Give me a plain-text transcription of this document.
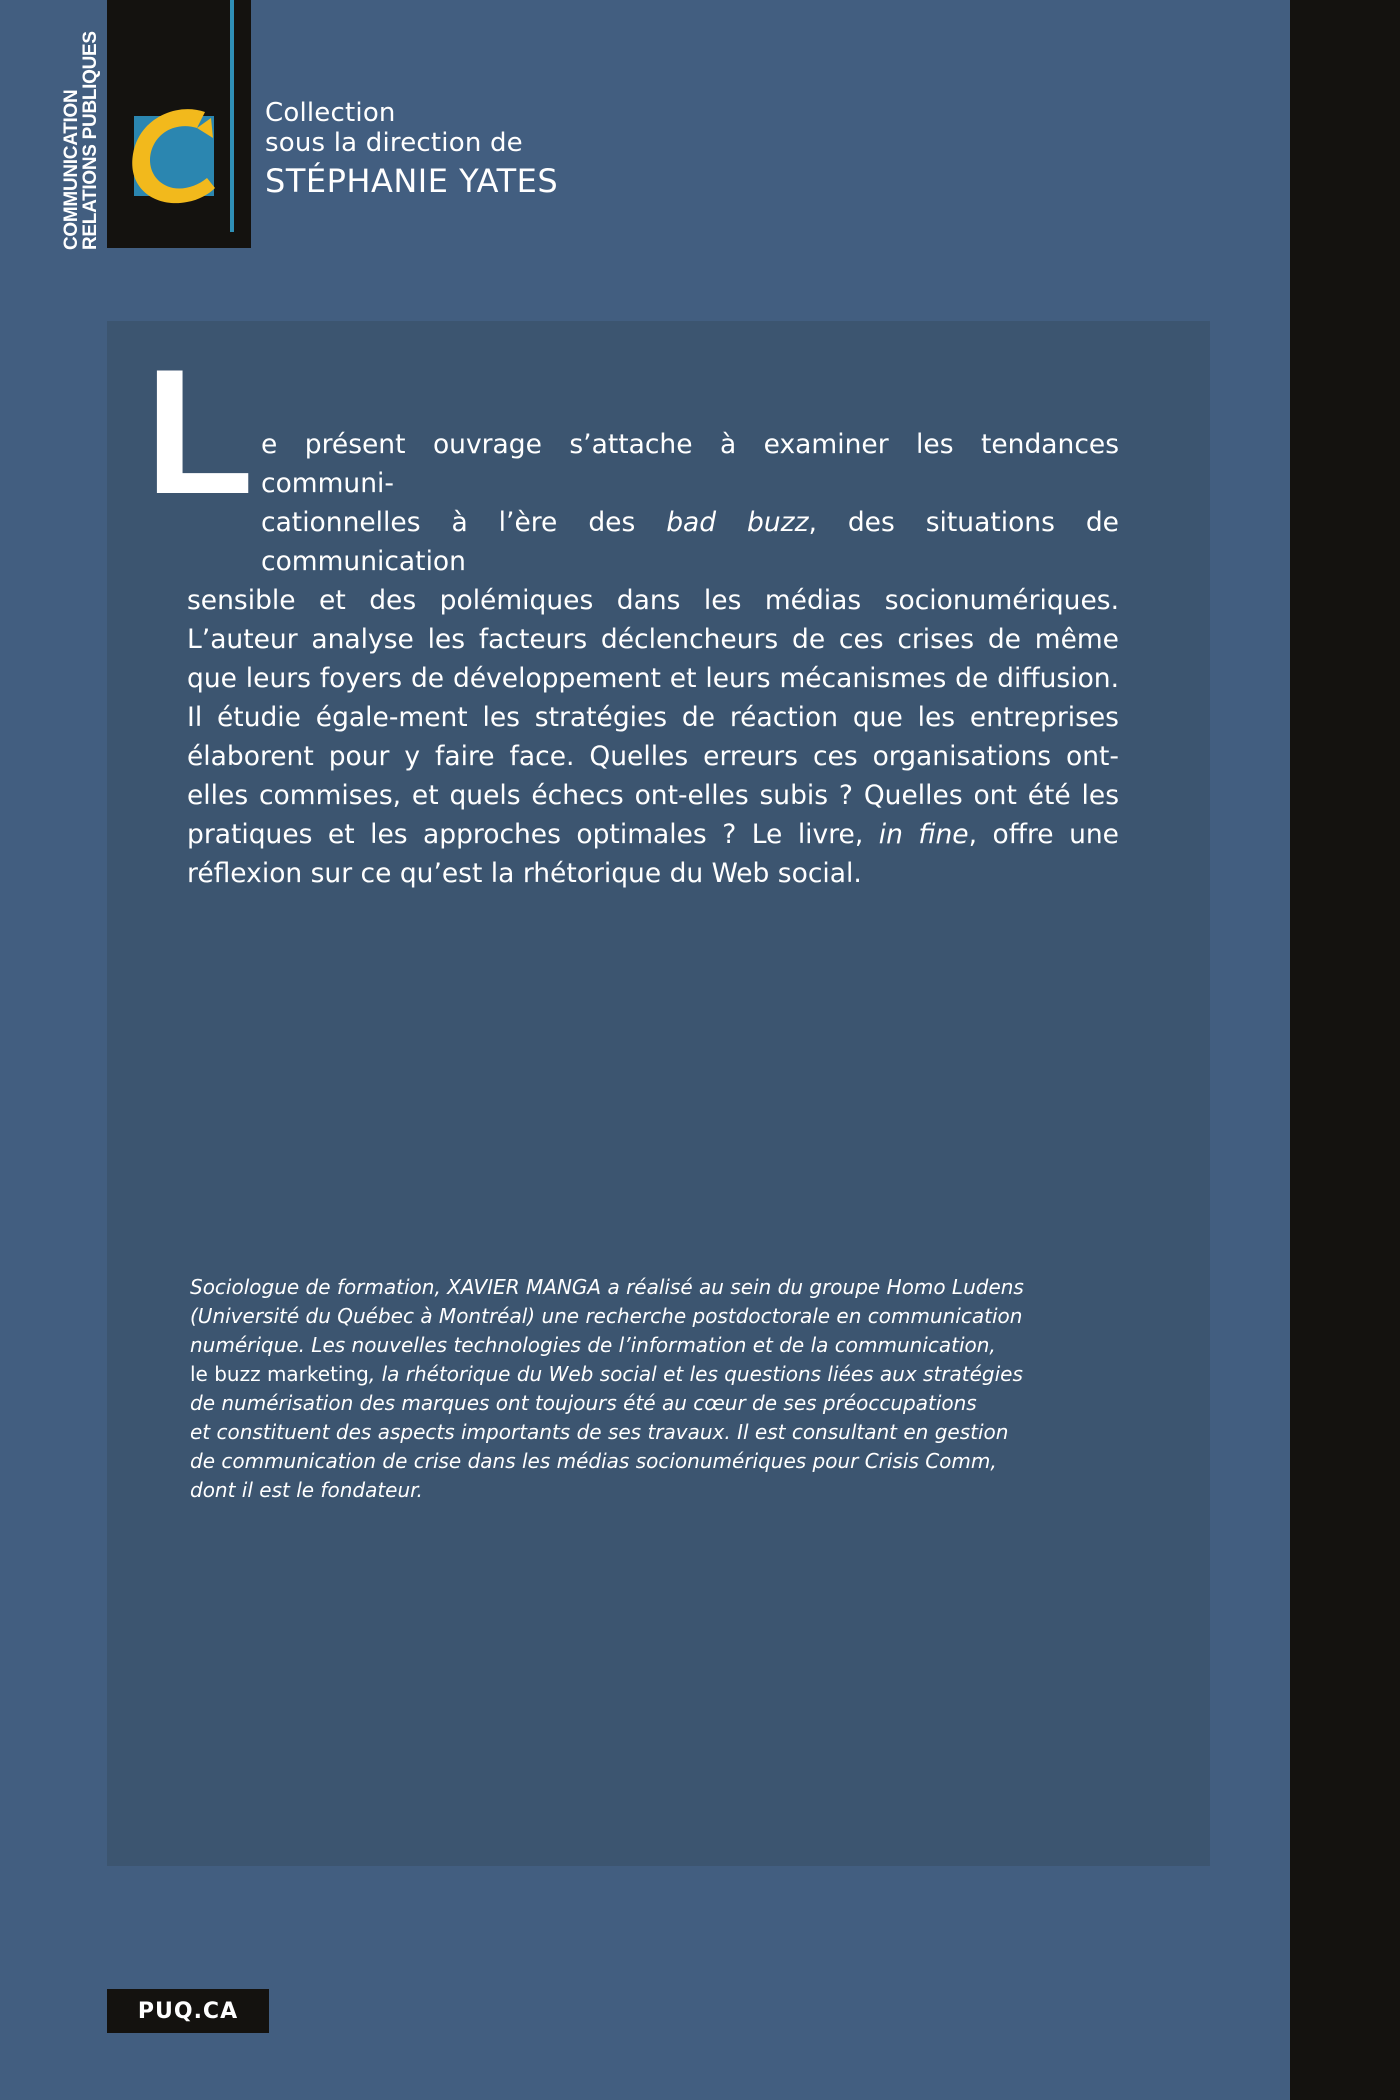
COMMUNICATION
RELATIONS PUBLIQUES	Collection
sous la direction de
STÉPHANIE YATES
L e présent ouvrage s’attache à examiner les tendances communi-
cationnelles à l’ère des bad buzz, des situations de communication
sensible et des polémiques dans les médias socionumériques. L’auteur analyse les facteurs déclencheurs de ces crises de même que leurs foyers de développement et leurs mécanismes de diffusion. Il étudie égale-ment les stratégies de réaction que les entreprises élaborent pour y faire face. Quelles erreurs ces organisations ont-elles commises, et quels échecs ont-elles subis ? Quelles ont été les pratiques et les approches optimales ? Le livre, in fine, offre une réflexion sur ce qu’est la rhétorique du Web social.
Sociologue de formation, XAVIER MANGA a réalisé au sein du groupe Homo Ludens
(Université du Québec à Montréal) une recherche postdoctorale en communication
numérique. Les nouvelles technologies de l’information et de la communication,
le buzz marketing, la rhétorique du Web social et les questions liées aux stratégies
de numérisation des marques ont toujours été au cœur de ses préoccupations
et constituent des aspects importants de ses travaux. Il est consultant en gestion
de communication de crise dans les médias socionumériques pour Crisis Comm,
dont il est le fondateur.
PUQ.CA
